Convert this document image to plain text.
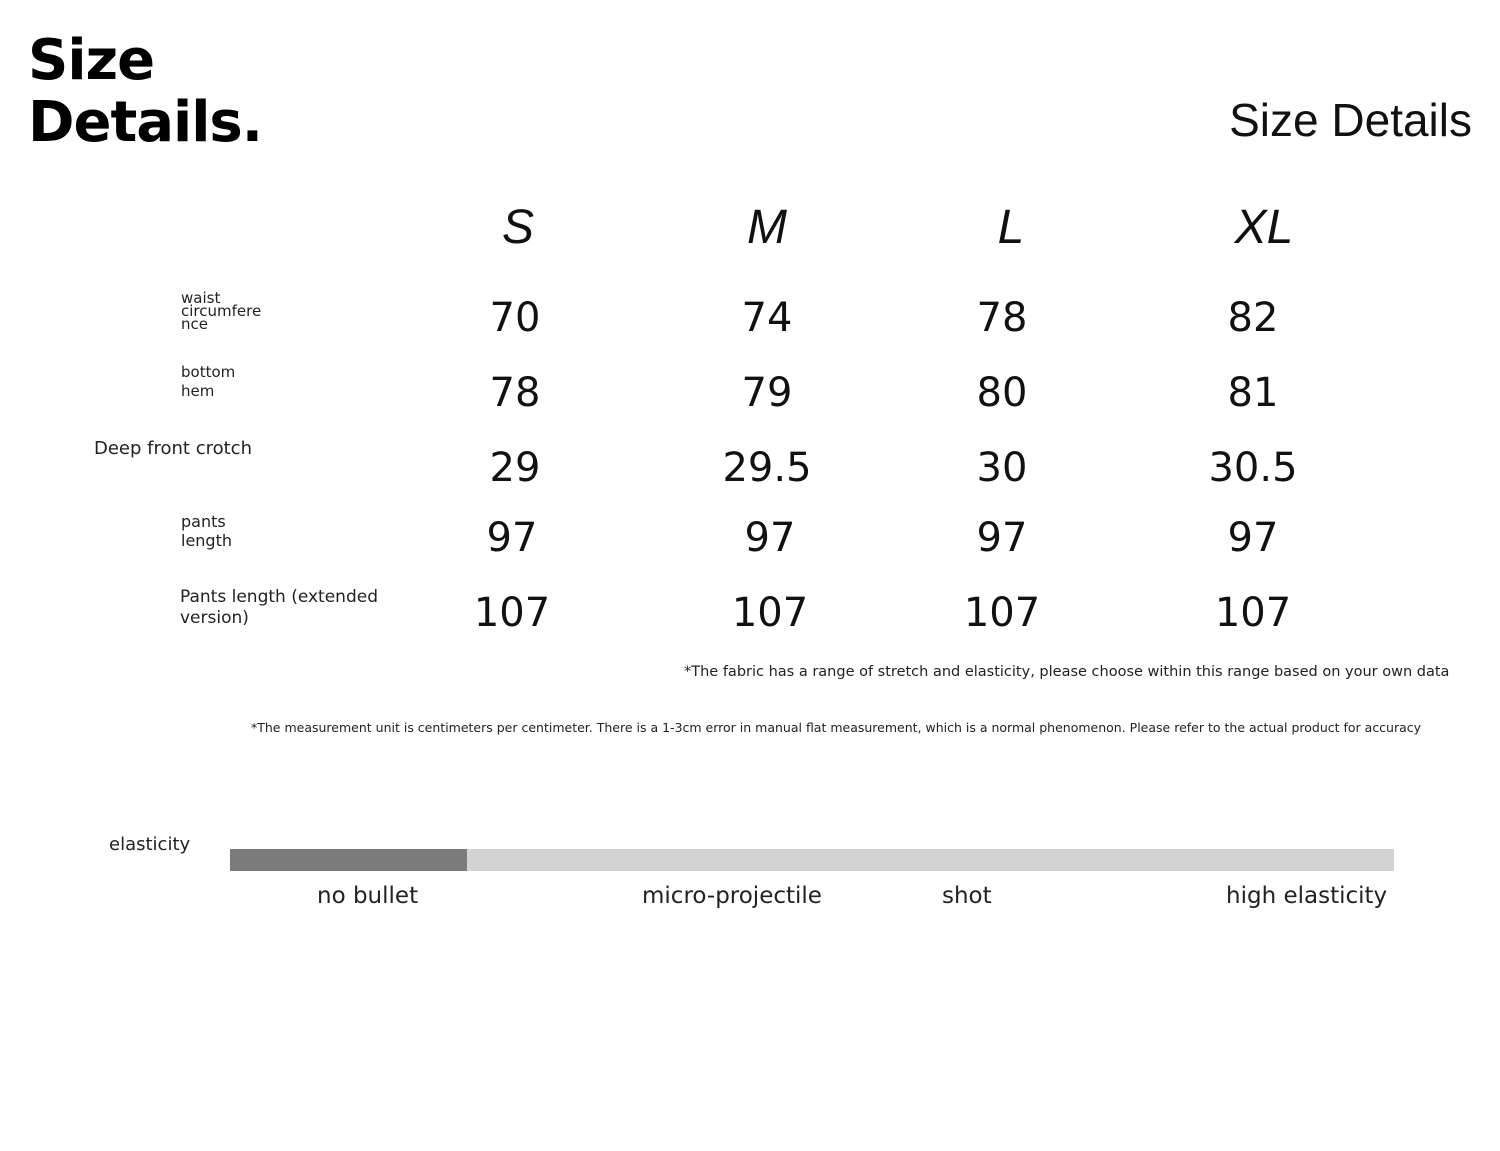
Size
Details.	Size Details
S	M	L	XL
waist
circumfere
nce	70	74	78	82
bottom
hem	78	79	80	81
Deep front crotch	29	29.5	30	30.5
pants
length	97	97	97	97
Pants length (extended
version)	107	107	107	107
*The fabric has a range of stretch and elasticity, please choose within this range based on your own data
*The measurement unit is centimeters per centimeter. There is a 1-3cm error in manual flat measurement, which is a normal phenomenon. Please refer to the actual product for accuracy
elasticity
no bullet	micro-projectile	shot	high elasticity
